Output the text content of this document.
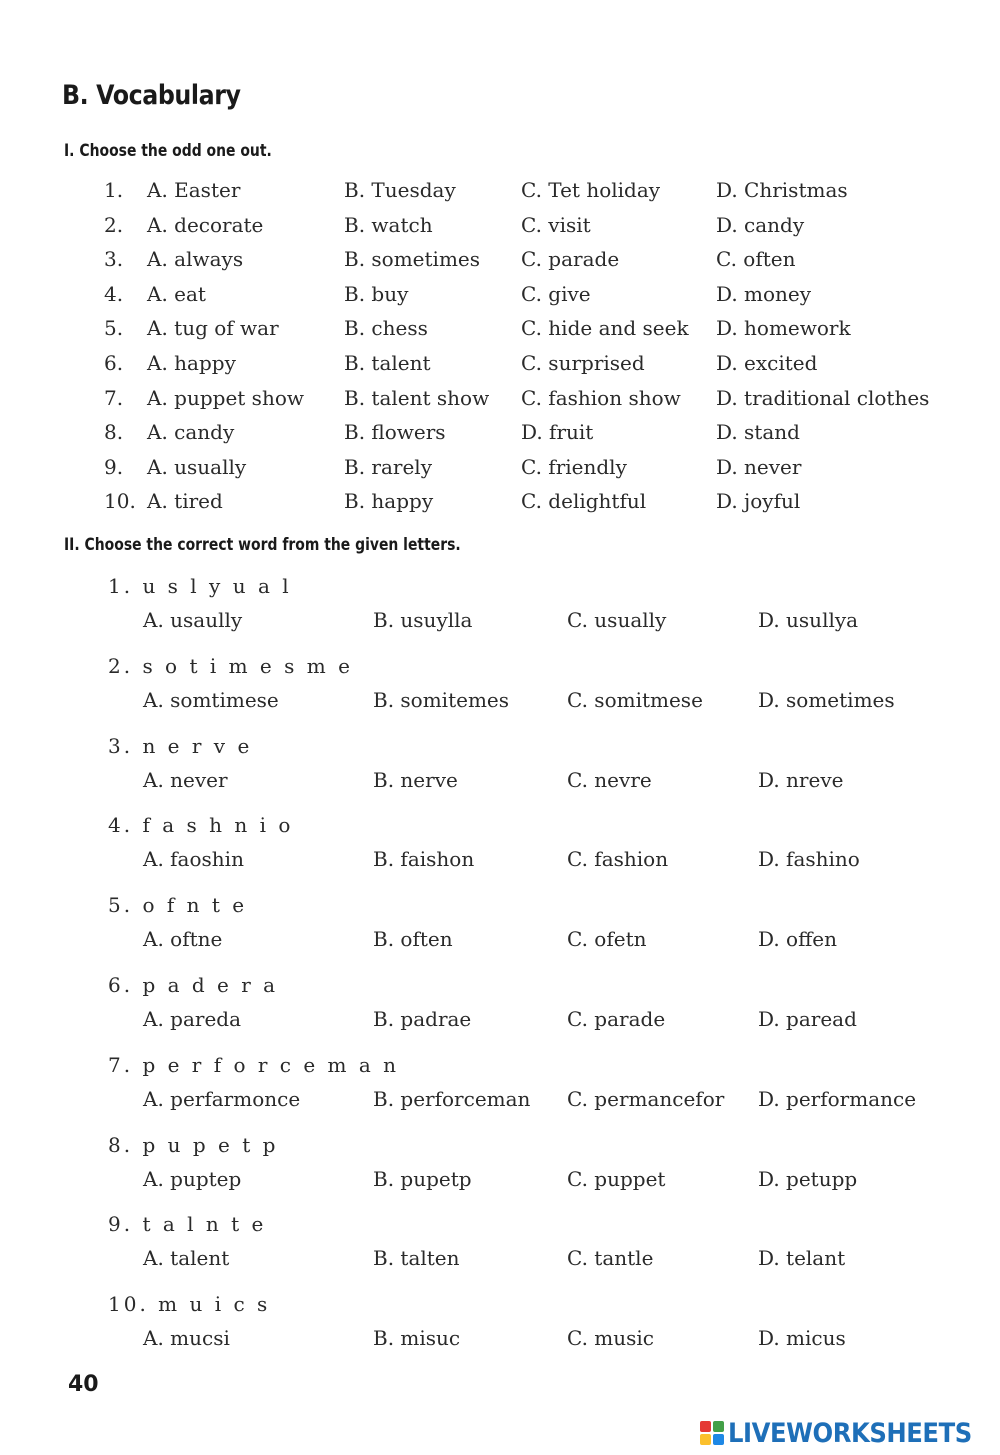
B. Vocabulary
I. Choose the odd one out.
1. A. Easter	B. Tuesday	C. Tet holiday	D. Christmas
2. A. decorate	B. watch	C. visit	D. candy
3. A. always	B. sometimes C. parade	C. often
4. A. eat	B. buy	C. give	D. money
5. A. tug of war	B. chess	C. hide and seek D. homework
6. A. happy	B. talent	C. surprised	D. excited
7. A. puppet show B. talent show C. fashion show D. traditional clothes
8. A. candy	B. flowers	D. fruit	D. stand
9. A. usually	B. rarely	C. friendly	D. never
10. A. tired	B. happy	C. delightful	D. joyful
II. Choose the correct word from the given letters.
1. u s l y u a l
A. usaully	B. usuylla	C. usually	D. usullya
2. s o t i m e s m e
A. somtimese	B. somitemes	C. somitmese	D. sometimes
3. n e r v e
A. never	B. nerve	C. nevre	D. nreve
4. f a s h n i o
A. faoshin	B. faishon	C. fashion	D. fashino
5. o f n t e
A. oftne	B. often	C. ofetn	D. offen
6. p a d e r a
A. pareda	B. padrae	C. parade	D. paread
7. p e r f o r c e m a n
A. perfarmonce	B. perforceman C. permancefor D. performance
8. p u p e t p
A. puptep	B. pupetp	C. puppet	D. petupp
9. t a l n t e
A. talent	B. talten	C. tantle	D. telant
10. m u i c s
A. mucsi	B. misuc	C. music	D. micus
40
LIVEWORKSHEETS
